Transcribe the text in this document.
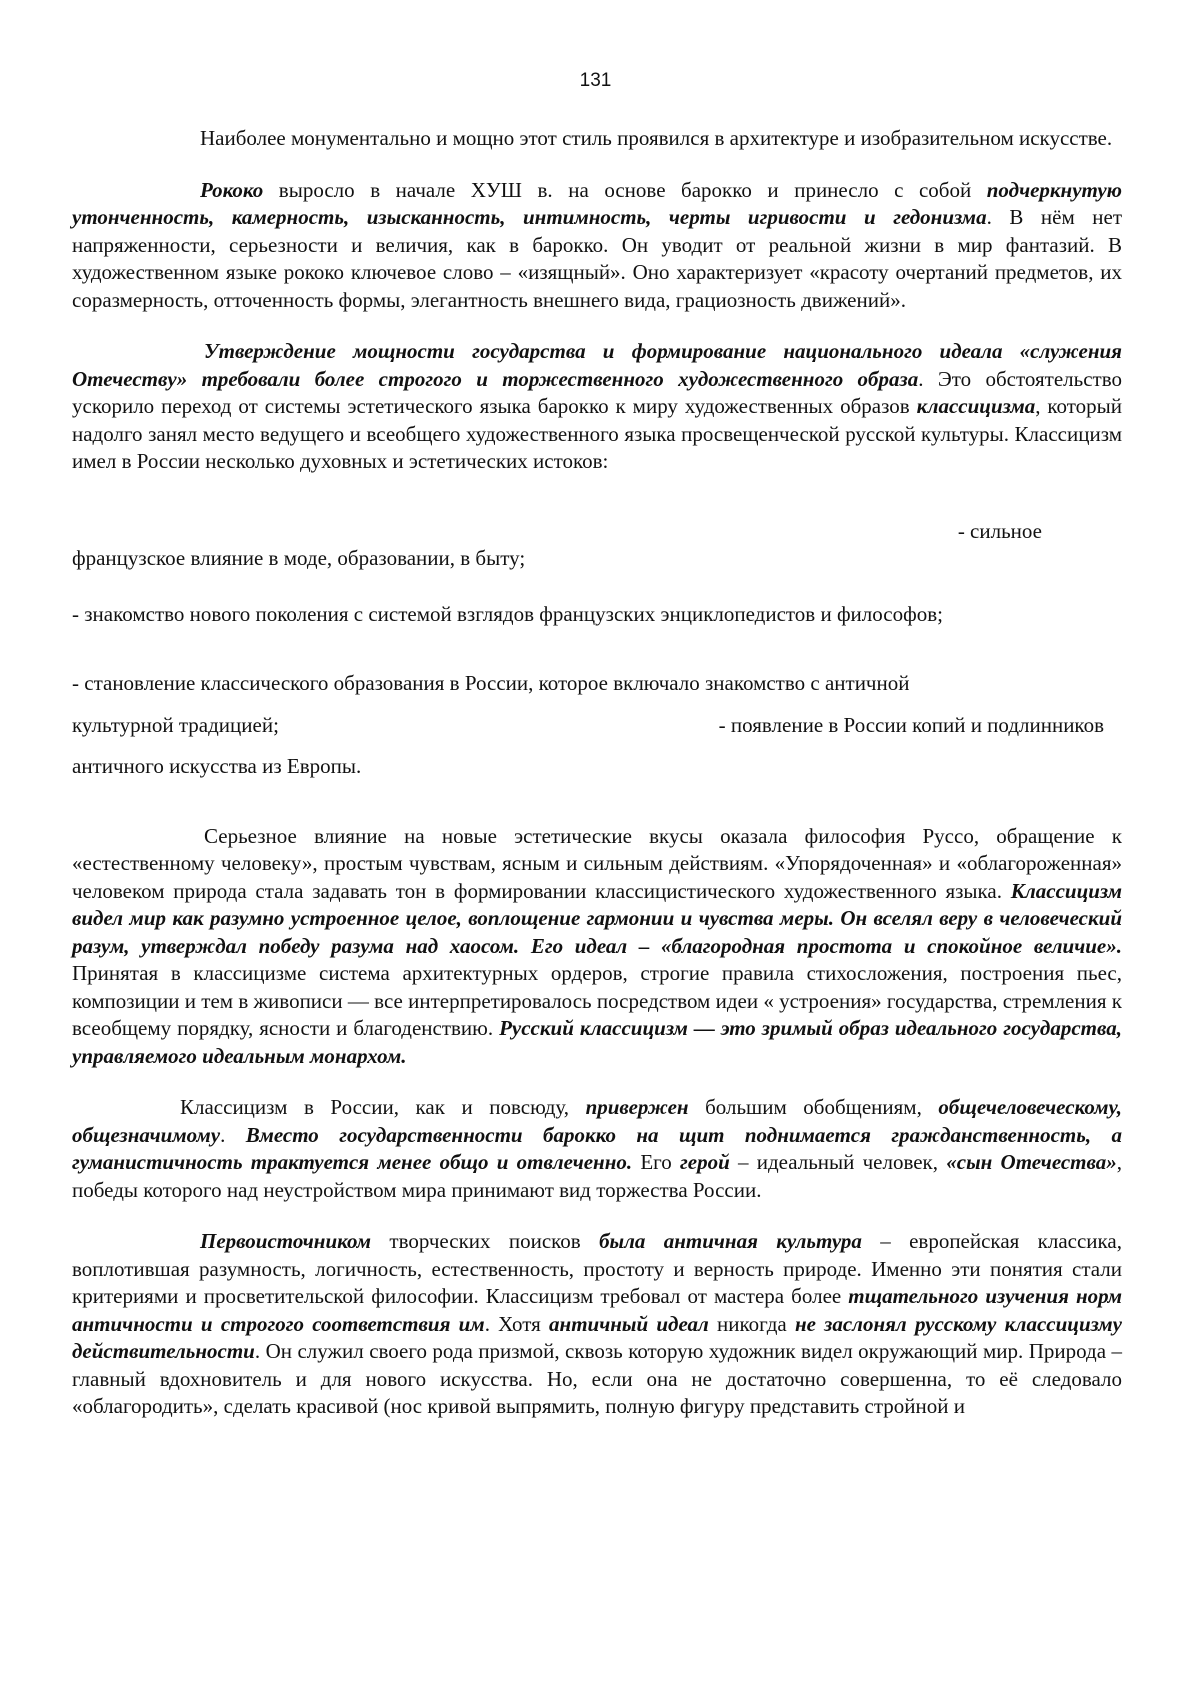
131

Наиболее монументально и мощно этот стиль проявился в архитектуре и изобразительном искусстве.

Рококо выросло в начале ХУШ в. на основе барокко и принесло с собой подчеркнутую утонченность, камерность, изысканность, интимность, черты игривости и гедонизма. В нём нет напряженности, серьезности и величия, как в барокко. Он уводит от реальной жизни в мир фантазий. В художественном языке рококо ключевое слово – «изящный». Оно характеризует «красоту очертаний предметов, их соразмерность, отточенность формы, элегантность внешнего вида, грациозность движений».

Утверждение мощности государства и формирование национального идеала «служения Отечеству» требовали более строгого и торжественного художественного образа. Это обстоятельство ускорило переход от системы эстетического языка барокко к миру художественных образов классицизма, который надолго занял место ведущего и всеобщего художественного языка просвещенческой русской культуры. Классицизм имел в России несколько духовных и эстетических истоков:

- сильное

французское влияние в моде, образовании, в быту;

- знакомство нового поколения с системой взглядов французских энциклопедистов и философов;

- становление классического образования в России, которое включало знакомство с античной

культурной традицией;	- появление в России копий и подлинников

античного искусства из Европы.

Серьезное влияние на новые эстетические вкусы оказала философия Руссо, обращение к «естественному человеку», простым чувствам, ясным и сильным действиям. «Упорядоченная» и «облагороженная» человеком природа стала задавать тон в формировании классицистического художественного языка. Классицизм видел мир как разумно устроенное целое, воплощение гармонии и чувства меры. Он вселял веру в человеческий разум, утверждал победу разума над хаосом. Его идеал – «благородная простота и спокойное величие». Принятая в классицизме система архитектурных ордеров, строгие правила стихосложения, построения пьес, композиции и тем в живописи — все интерпретировалось посредством идеи « устроения» государства, стремления к всеобщему порядку, ясности и благоденствию. Русский классицизм — это зримый образ идеального государства, управляемого идеальным монархом.

Классицизм в России, как и повсюду, привержен большим обобщениям, общечеловеческому, общезначимому. Вместо государственности барокко на щит поднимается гражданственность, а гуманистичность трактуется менее общо и отвлеченно. Его герой – идеальный человек, «сын Отечества», победы которого над неустройством мира принимают вид торжества России.

Первоисточником творческих поисков была античная культура – европейская классика, воплотившая разумность, логичность, естественность, простоту и верность природе. Именно эти понятия стали критериями и просветительской философии. Классицизм требовал от мастера более тщательного изучения норм античности и строгого соответствия им. Хотя античный идеал никогда не заслонял русскому классицизму действительности. Он служил своего рода призмой, сквозь которую художник видел окружающий мир. Природа – главный вдохновитель и для нового искусства. Но, если она не достаточно совершенна, то её следовало «облагородить», сделать красивой (нос кривой выпрямить, полную фигуру представить стройной и
